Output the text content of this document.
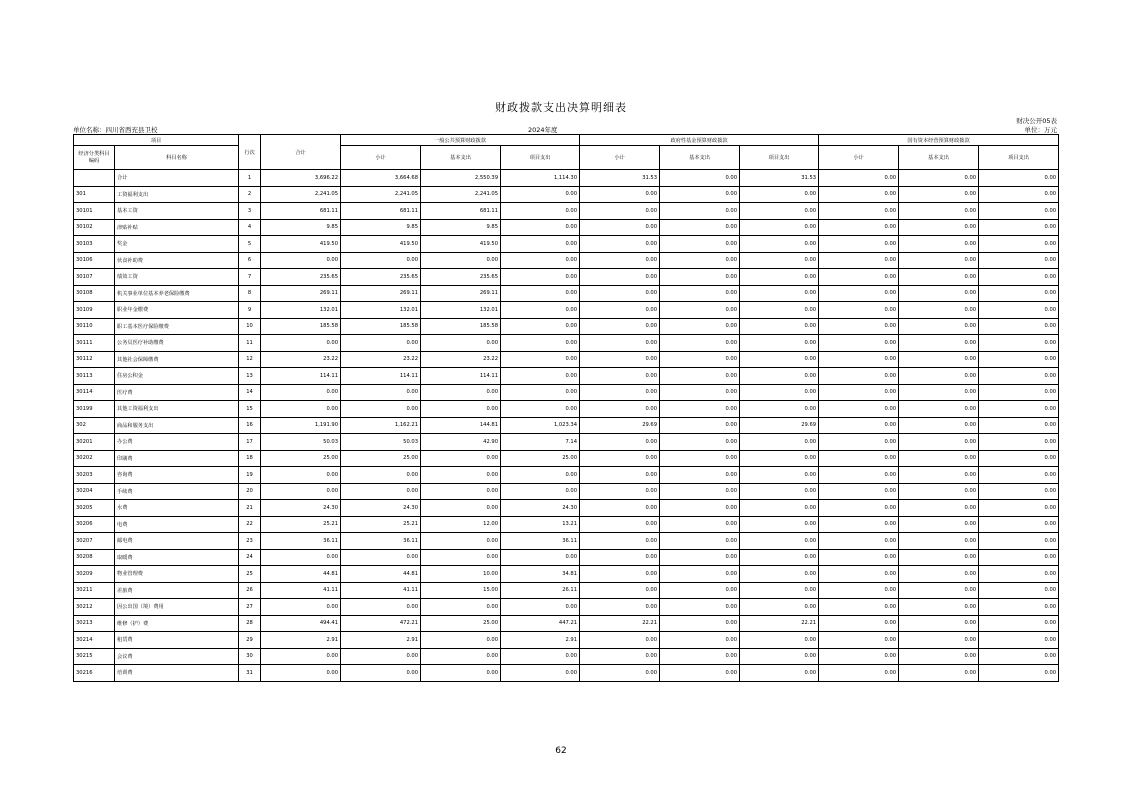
财政拨款支出决算明细表
财决公开05表
单位名称：四川省西充县卫校	2024年度	单位：万元
项目		行次	合计	一般公共预算财政拨款			政府性基金预算财政拨款			国有资本经营预算财政拨款		
经济分类科目编码	科目名称			小计	基本支出	项目支出	小计	基本支出	项目支出	小计	基本支出	项目支出
	合计	1	3,696.22	3,664.68	2,550.39	1,114.30	31.53	0.00	31.53	0.00	0.00	0.00
301	工资福利支出	2	2,241.05	2,241.05	2,241.05	0.00	0.00	0.00	0.00	0.00	0.00	0.00
30101	基本工资	3	681.11	681.11	681.11	0.00	0.00	0.00	0.00	0.00	0.00	0.00
30102	津贴补贴	4	9.85	9.85	9.85	0.00	0.00	0.00	0.00	0.00	0.00	0.00
30103	奖金	5	419.50	419.50	419.50	0.00	0.00	0.00	0.00	0.00	0.00	0.00
30106	伙食补助费	6	0.00	0.00	0.00	0.00	0.00	0.00	0.00	0.00	0.00	0.00
30107	绩效工资	7	235.65	235.65	235.65	0.00	0.00	0.00	0.00	0.00	0.00	0.00
30108	机关事业单位基本养老保险缴费	8	269.11	269.11	269.11	0.00	0.00	0.00	0.00	0.00	0.00	0.00
30109	职业年金缴费	9	132.01	132.01	132.01	0.00	0.00	0.00	0.00	0.00	0.00	0.00
30110	职工基本医疗保险缴费	10	185.58	185.58	185.58	0.00	0.00	0.00	0.00	0.00	0.00	0.00
30111	公务员医疗补助缴费	11	0.00	0.00	0.00	0.00	0.00	0.00	0.00	0.00	0.00	0.00
30112	其他社会保障缴费	12	23.22	23.22	23.22	0.00	0.00	0.00	0.00	0.00	0.00	0.00
30113	住房公积金	13	114.11	114.11	114.11	0.00	0.00	0.00	0.00	0.00	0.00	0.00
30114	医疗费	14	0.00	0.00	0.00	0.00	0.00	0.00	0.00	0.00	0.00	0.00
30199	其他工资福利支出	15	0.00	0.00	0.00	0.00	0.00	0.00	0.00	0.00	0.00	0.00
302	商品和服务支出	16	1,191.90	1,162.21	144.81	1,023.34	29.69	0.00	29.69	0.00	0.00	0.00
30201	办公费	17	50.03	50.03	42.90	7.14	0.00	0.00	0.00	0.00	0.00	0.00
30202	印刷费	18	25.00	25.00	0.00	25.00	0.00	0.00	0.00	0.00	0.00	0.00
30203	咨询费	19	0.00	0.00	0.00	0.00	0.00	0.00	0.00	0.00	0.00	0.00
30204	手续费	20	0.00	0.00	0.00	0.00	0.00	0.00	0.00	0.00	0.00	0.00
30205	水费	21	24.30	24.30	0.00	24.30	0.00	0.00	0.00	0.00	0.00	0.00
30206	电费	22	25.21	25.21	12.00	13.21	0.00	0.00	0.00	0.00	0.00	0.00
30207	邮电费	23	36.11	36.11	0.00	36.11	0.00	0.00	0.00	0.00	0.00	0.00
30208	取暖费	24	0.00	0.00	0.00	0.00	0.00	0.00	0.00	0.00	0.00	0.00
30209	物业管理费	25	44.81	44.81	10.00	34.81	0.00	0.00	0.00	0.00	0.00	0.00
30211	差旅费	26	41.11	41.11	15.00	26.11	0.00	0.00	0.00	0.00	0.00	0.00
30212	因公出国（境）费用	27	0.00	0.00	0.00	0.00	0.00	0.00	0.00	0.00	0.00	0.00
30213	维修（护）费	28	494.41	472.21	25.00	447.21	22.21	0.00	22.21	0.00	0.00	0.00
30214	租赁费	29	2.91	2.91	0.00	2.91	0.00	0.00	0.00	0.00	0.00	0.00
30215	会议费	30	0.00	0.00	0.00	0.00	0.00	0.00	0.00	0.00	0.00	0.00
30216	培训费	31	0.00	0.00	0.00	0.00	0.00	0.00	0.00	0.00	0.00	0.00
62
